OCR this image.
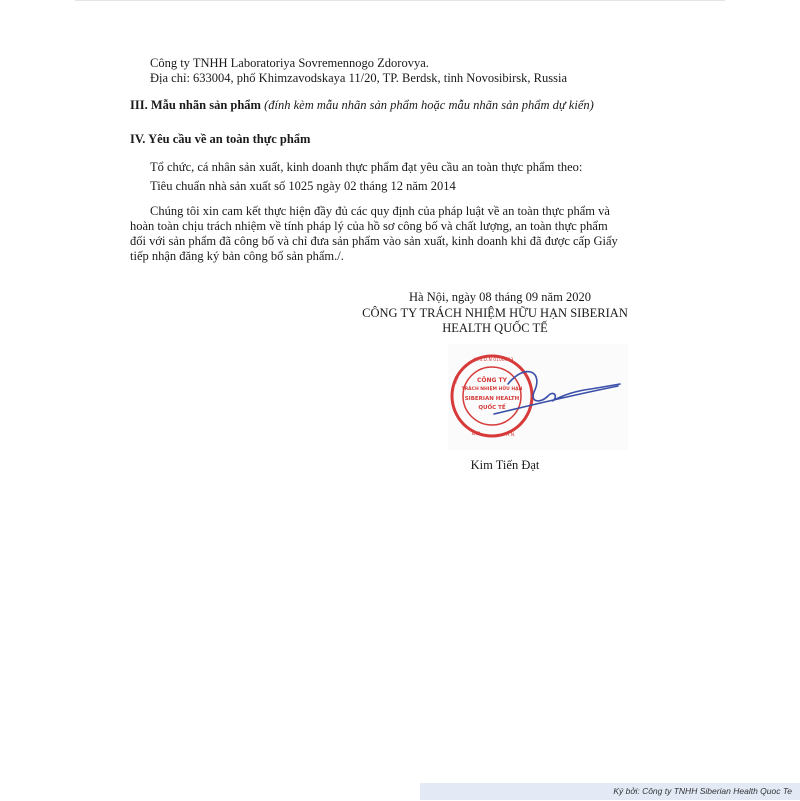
Công ty TNHH Laboratoriya Sovremennogo Zdorovya.
Địa chỉ: 633004, phố Khimzavodskaya 11/20, TP. Berdsk, tỉnh Novosibirsk, Russia
III. Mẫu nhãn sản phẩm (đính kèm mẫu nhãn sản phẩm hoặc mẫu nhãn sản phẩm dự kiến)
IV. Yêu cầu về an toàn thực phẩm
Tổ chức, cá nhân sản xuất, kinh doanh thực phẩm đạt yêu cầu an toàn thực phẩm theo:
Tiêu chuẩn nhà sản xuất số 1025 ngày 02 tháng 12 năm 2014
Chúng tôi xin cam kết thực hiện đầy đủ các quy định của pháp luật về an toàn thực phẩm và
hoàn toàn chịu trách nhiệm về tính pháp lý của hồ sơ công bố và chất lượng, an toàn thực phẩm
đối với sản phẩm đã công bố và chỉ đưa sản phẩm vào sản xuất, kinh doanh khi đã được cấp Giấy
tiếp nhận đăng ký bản công bố sản phẩm./.
Hà Nội, ngày 08 tháng 09 năm 2020
CÔNG TY TRÁCH NHIỆM HỮU HẠN SIBERIAN
HEALTH QUỐC TẾ
Kim Tiến Đạt
M.S.D.N 0106483
S.G.
H.N.
Đ.Đ.
CÔNG TY
TRÁCH NHIỆM HỮU HẠN
SIBERIAN HEALTH
QUỐC TẾ
Ký bởi: Công ty TNHH Siberian Health Quoc Te
